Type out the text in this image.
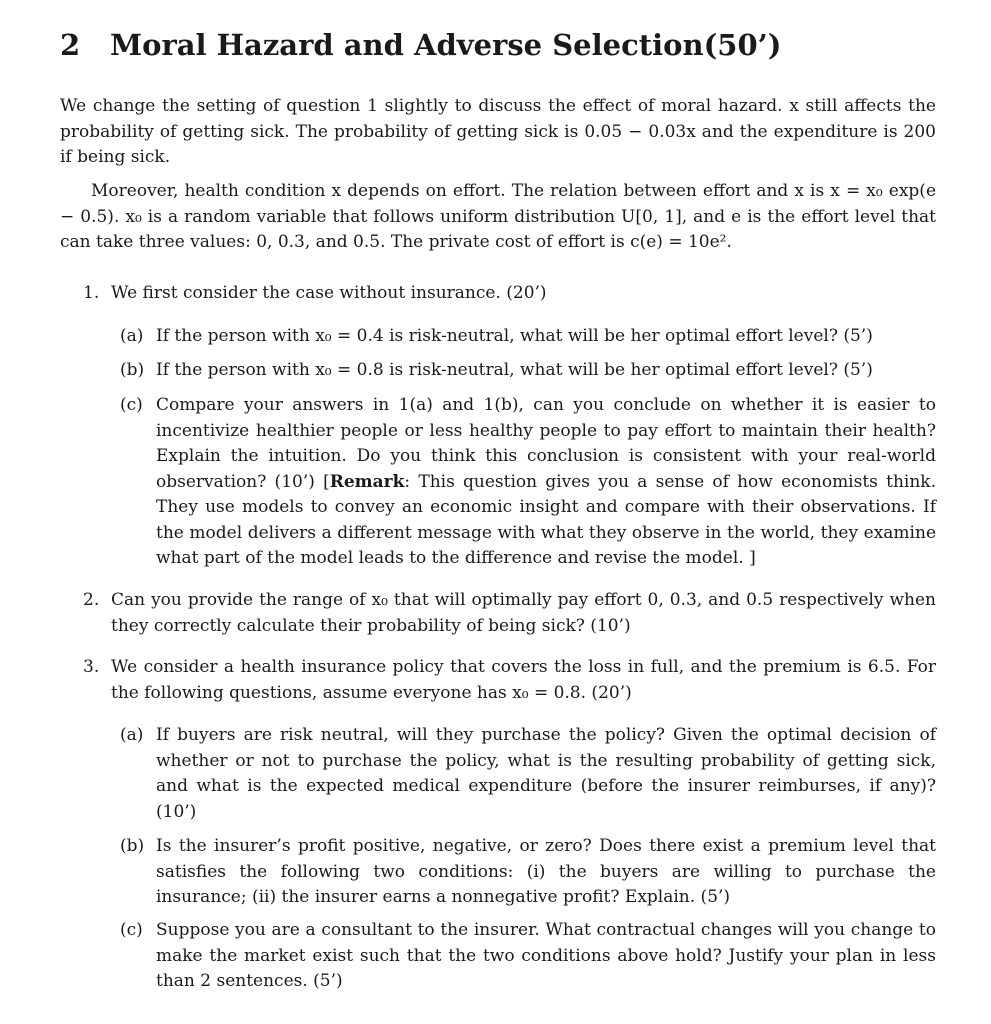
2 Moral Hazard and Adverse Selection(50’)
We change the setting of question 1 slightly to discuss the effect of moral hazard. x still affects the probability of getting sick. The probability of getting sick is 0.05 − 0.03x and the expenditure is 200 if being sick.
Moreover, health condition x depends on effort. The relation between effort and x is x = x₀ exp(e − 0.5). x₀ is a random variable that follows uniform distribution U[0, 1], and e is the effort level that can take three values: 0, 0.3, and 0.5. The private cost of effort is c(e) = 10e².
1. We first consider the case without insurance. (20’)
(a) If the person with x₀ = 0.4 is risk-neutral, what will be her optimal effort level? (5’)
(b) If the person with x₀ = 0.8 is risk-neutral, what will be her optimal effort level? (5’)
(c) Compare your answers in 1(a) and 1(b), can you conclude on whether it is easier to incentivize healthier people or less healthy people to pay effort to maintain their health? Explain the intuition. Do you think this conclusion is consistent with your real-world observation? (10’) [Remark: This question gives you a sense of how economists think. They use models to convey an economic insight and compare with their observations. If the model delivers a different message with what they observe in the world, they examine what part of the model leads to the difference and revise the model. ]
2. Can you provide the range of x₀ that will optimally pay effort 0, 0.3, and 0.5 respectively when they correctly calculate their probability of being sick? (10’)
3. We consider a health insurance policy that covers the loss in full, and the premium is 6.5. For the following questions, assume everyone has x₀ = 0.8. (20’)
(a) If buyers are risk neutral, will they purchase the policy? Given the optimal decision of whether or not to purchase the policy, what is the resulting probability of getting sick, and what is the expected medical expenditure (before the insurer reimburses, if any)? (10’)
(b) Is the insurer’s profit positive, negative, or zero? Does there exist a premium level that satisfies the following two conditions: (i) the buyers are willing to purchase the insurance; (ii) the insurer earns a nonnegative profit? Explain. (5’)
(c) Suppose you are a consultant to the insurer. What contractual changes will you change to make the market exist such that the two conditions above hold? Justify your plan in less than 2 sentences. (5’)
